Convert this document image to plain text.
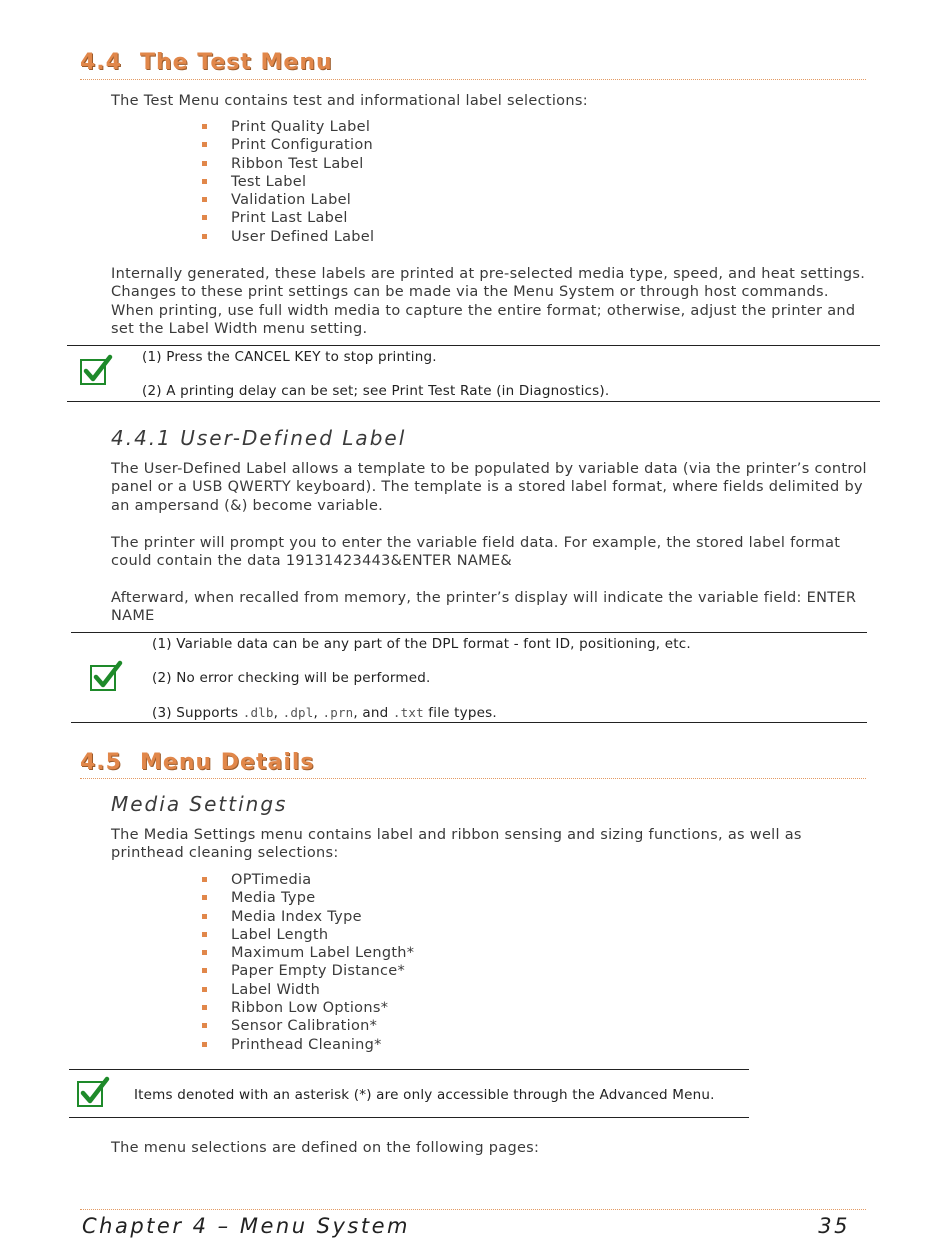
4.4 The Test Menu
The Test Menu contains test and informational label selections:
Print Quality Label
Print Configuration
Ribbon Test Label
Test Label
Validation Label
Print Last Label
User Defined Label
Internally generated, these labels are printed at pre-selected media type, speed, and heat settings. Changes to these print settings can be made via the Menu System or through host commands. When printing, use full width media to capture the entire format; otherwise, adjust the printer and set the Label Width menu setting.
(1) Press the CANCEL KEY to stop printing.
(2) A printing delay can be set; see Print Test Rate (in Diagnostics).
4.4.1 User-Defined Label
The User-Defined Label allows a template to be populated by variable data (via the printer’s control panel or a USB QWERTY keyboard). The template is a stored label format, where fields delimited by an ampersand (&) become variable.
The printer will prompt you to enter the variable field data. For example, the stored label format could contain the data 19131423443&ENTER NAME&
Afterward, when recalled from memory, the printer’s display will indicate the variable field: ENTER NAME
(1) Variable data can be any part of the DPL format - font ID, positioning, etc.
(2) No error checking will be performed.
(3) Supports .dlb, .dpl, .prn, and .txt file types.
4.5 Menu Details
Media Settings
The Media Settings menu contains label and ribbon sensing and sizing functions, as well as printhead cleaning selections:
OPTimedia
Media Type
Media Index Type
Label Length
Maximum Label Length*
Paper Empty Distance*
Label Width
Ribbon Low Options*
Sensor Calibration*
Printhead Cleaning*
Items denoted with an asterisk (*) are only accessible through the Advanced Menu.
The menu selections are defined on the following pages:
Chapter 4 – Menu System	35
